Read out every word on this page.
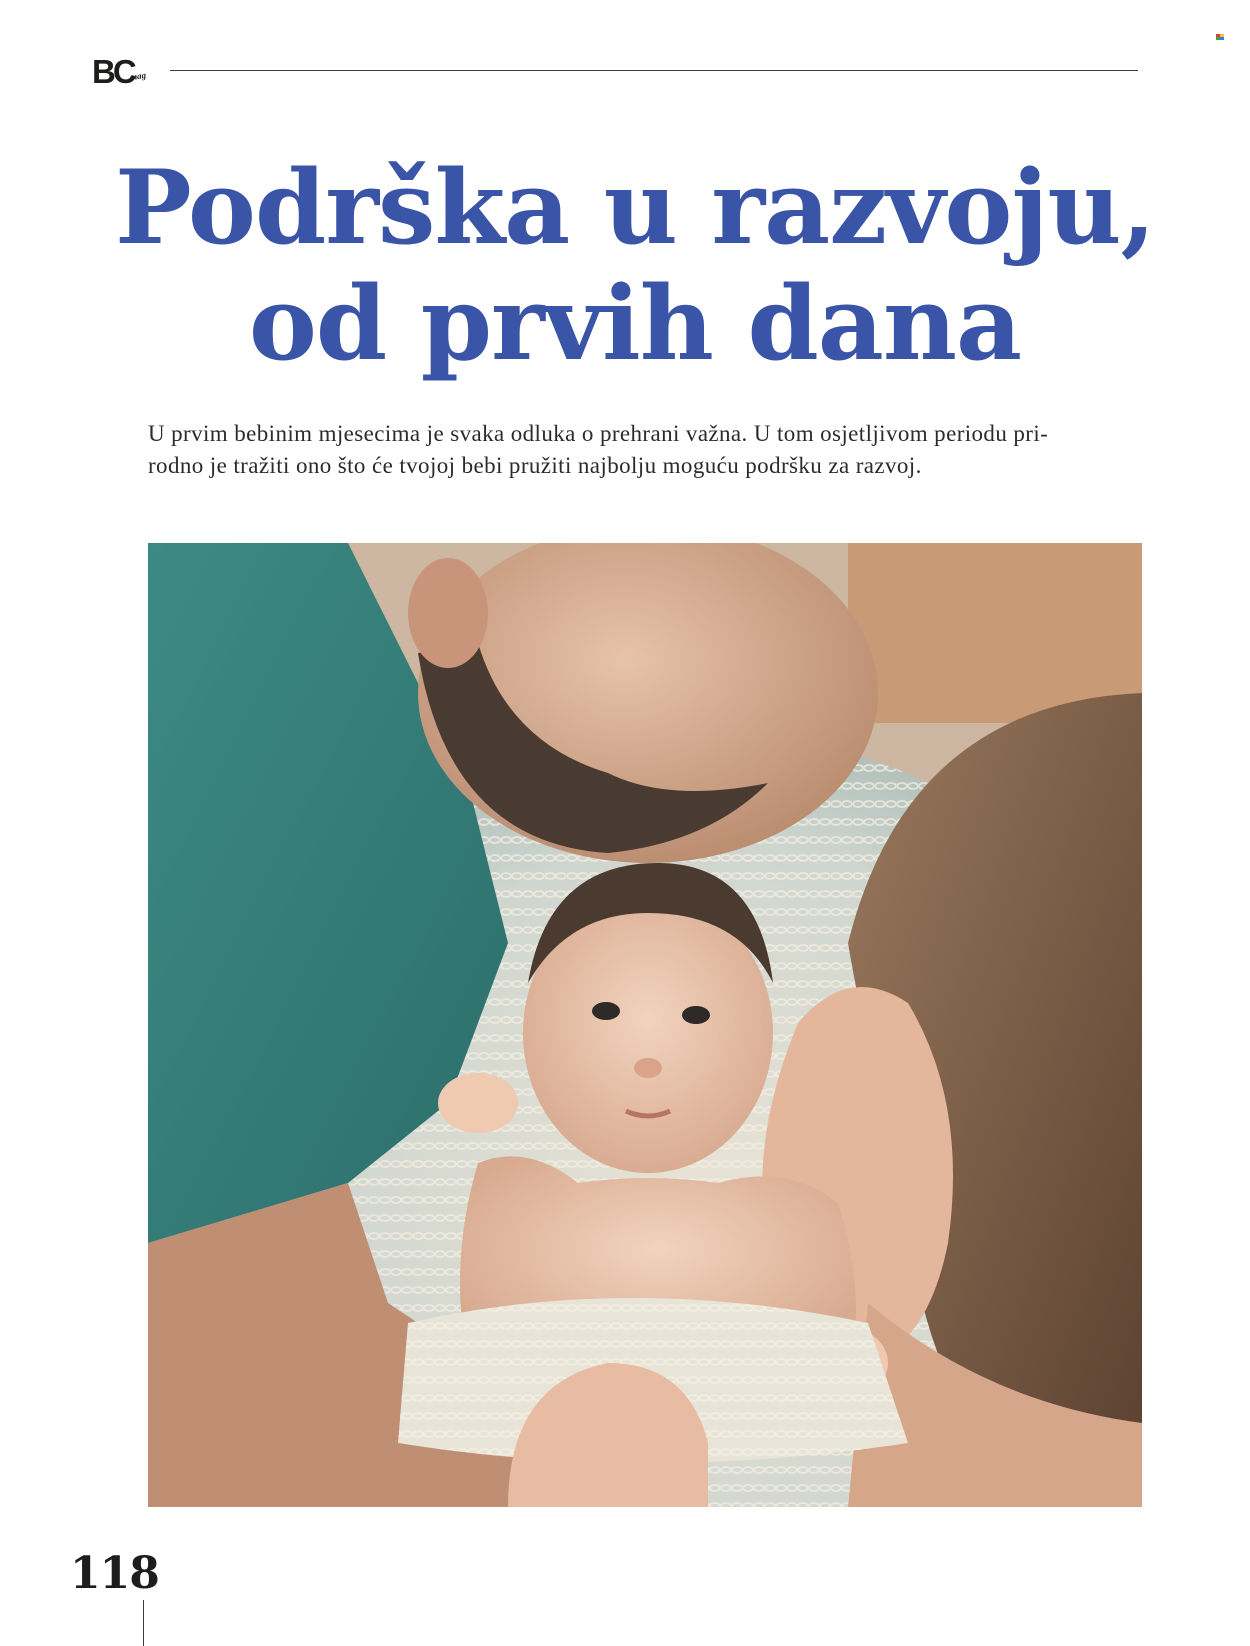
BC
mag
Podrška u razvoju,
od prvih dana

U prvim bebinim mjesecima je svaka odluka o prehrani važna. U tom osjetljivom periodu pri-
rodno je tražiti ono što će tvojoj bebi pružiti najbolju moguću podršku za razvoj.

118
